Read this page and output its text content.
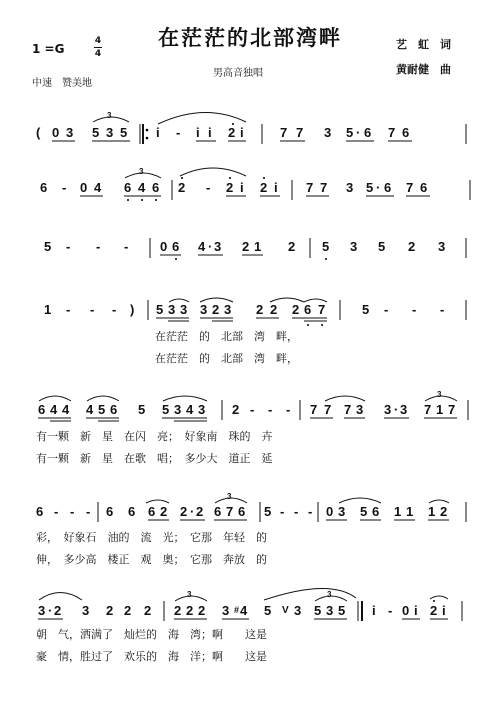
在茫茫的北部湾畔
1 =G
4
4
中速　赞美地
男高音独唱
艺　虹　词
黄耐健　曲
( 0 3 5 3 5
3
i - i i 2 i	7 7 3 5 · 6 7 6
6 - 0 4 6 4 6
3
2 - 2 i 2 i 7 7 3 5 · 6 7 6
5 - - - 0 6 4 · 3 2 1 2 5 3 5 2 3
1 - - - ) 5 3 3 3 2 3 2 2 2 6 7	5 - - -
在茫茫　的　北部　湾　畔，
在茫茫　的　北部　湾　畔，
6 4 4 4 5 6 5 5 3 4 3 2 - - - 7 7 7 3 3 · 3 7 1 7
3
有一颗　新　星　在闪　亮；　好象南　珠的　卉
有一颗　新　星　在歌　唱；　多少大　道正　延
6 - - - 6 6 6 2 2 · 2 6 7 6
3
5 - - - 0 3 5 6 1 1 1 2
彩，　好象石　油的　流　光；　它那　年轻　的
伸，　多少高　楼正　观　奥；　它那　奔放　的
3 · 2 3 2 2 2 2 2 2
3
3 # 4 5 V 3 5 3 5
3
i - 0 i 2 i
朝　气，洒满了　灿烂的　海　湾；啊　　这是
豪　情，胜过了　欢乐的　海　洋；啊　　这是
